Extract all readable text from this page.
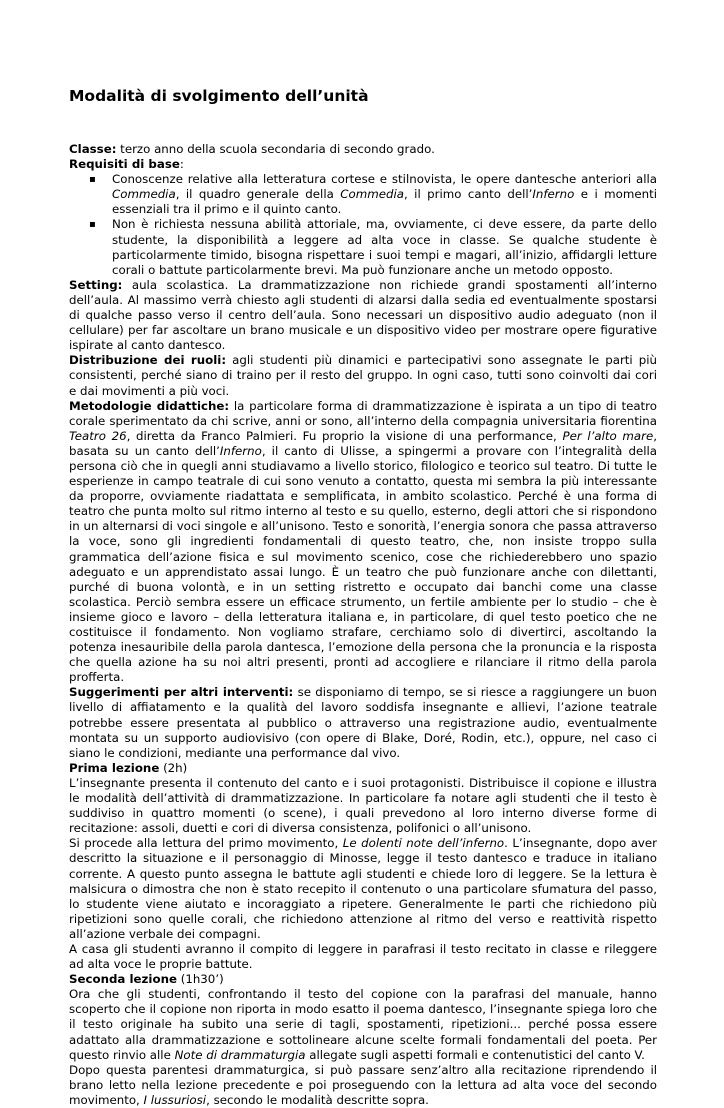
Modalità di svolgimento dell’unità

Classe: terzo anno della scuola secondaria di secondo grado.

Requisiti di base:

▪ Conoscenze relative alla letteratura cortese e stilnovista, le opere dantesche anteriori alla Commedia, il quadro generale della Commedia, il primo canto dell’Inferno e i momenti essenziali tra il primo e il quinto canto.
▪ Non è richiesta nessuna abilità attoriale, ma, ovviamente, ci deve essere, da parte dello studente, la disponibilità a leggere ad alta voce in classe. Se qualche studente è particolarmente timido, bisogna rispettare i suoi tempi e magari, all’inizio, affidargli letture corali o battute particolarmente brevi. Ma può funzionare anche un metodo opposto.

Setting: aula scolastica. La drammatizzazione non richiede grandi spostamenti all’interno dell’aula. Al massimo verrà chiesto agli studenti di alzarsi dalla sedia ed eventualmente spostarsi di qualche passo verso il centro dell’aula. Sono necessari un dispositivo audio adeguato (non il cellulare) per far ascoltare un brano musicale e un dispositivo video per mostrare opere figurative ispirate al canto dantesco.

Distribuzione dei ruoli: agli studenti più dinamici e partecipativi sono assegnate le parti più consistenti, perché siano di traino per il resto del gruppo. In ogni caso, tutti sono coinvolti dai cori e dai movimenti a più voci.

Metodologie didattiche: la particolare forma di drammatizzazione è ispirata a un tipo di teatro corale sperimentato da chi scrive, anni or sono, all’interno della compagnia universitaria fiorentina Teatro 26, diretta da Franco Palmieri. Fu proprio la visione di una performance, Per l’alto mare, basata su un canto dell’Inferno, il canto di Ulisse, a spingermi a provare con l’integralità della persona ciò che in quegli anni studiavamo a livello storico, filologico e teorico sul teatro. Di tutte le esperienze in campo teatrale di cui sono venuto a contatto, questa mi sembra la più interessante da proporre, ovviamente riadattata e semplificata, in ambito scolastico. Perché è una forma di teatro che punta molto sul ritmo interno al testo e su quello, esterno, degli attori che si rispondono in un alternarsi di voci singole e all’unisono. Testo e sonorità, l’energia sonora che passa attraverso la voce, sono gli ingredienti fondamentali di questo teatro, che, non insiste troppo sulla grammatica dell’azione fisica e sul movimento scenico, cose che richiederebbero uno spazio adeguato e un apprendistato assai lungo. È un teatro che può funzionare anche con dilettanti, purché di buona volontà, e in un setting ristretto e occupato dai banchi come una classe scolastica. Perciò sembra essere un efficace strumento, un fertile ambiente per lo studio – che è insieme gioco e lavoro – della letteratura italiana e, in particolare, di quel testo poetico che ne costituisce il fondamento. Non vogliamo strafare, cerchiamo solo di divertirci, ascoltando la potenza inesauribile della parola dantesca, l’emozione della persona che la pronuncia e la risposta che quella azione ha su noi altri presenti, pronti ad accogliere e rilanciare il ritmo della parola profferta.

Suggerimenti per altri interventi: se disponiamo di tempo, se si riesce a raggiungere un buon livello di affiatamento e la qualità del lavoro soddisfa insegnante e allievi, l’azione teatrale potrebbe essere presentata al pubblico o attraverso una registrazione audio, eventualmente montata su un supporto audiovisivo (con opere di Blake, Doré, Rodin, etc.), oppure, nel caso ci siano le condizioni, mediante una performance dal vivo.

Prima lezione (2h)

L’insegnante presenta il contenuto del canto e i suoi protagonisti. Distribuisce il copione e illustra le modalità dell’attività di drammatizzazione. In particolare fa notare agli studenti che il testo è suddiviso in quattro momenti (o scene), i quali prevedono al loro interno diverse forme di recitazione: assoli, duetti e cori di diversa consistenza, polifonici o all’unisono.

Si procede alla lettura del primo movimento, Le dolenti note dell’inferno. L’insegnante, dopo aver descritto la situazione e il personaggio di Minosse, legge il testo dantesco e traduce in italiano corrente. A questo punto assegna le battute agli studenti e chiede loro di leggere. Se la lettura è malsicura o dimostra che non è stato recepito il contenuto o una particolare sfumatura del passo, lo studente viene aiutato e incoraggiato a ripetere. Generalmente le parti che richiedono più ripetizioni sono quelle corali, che richiedono attenzione al ritmo del verso e reattività rispetto all’azione verbale dei compagni.

A casa gli studenti avranno il compito di leggere in parafrasi il testo recitato in classe e rileggere ad alta voce le proprie battute.

Seconda lezione (1h30’)

Ora che gli studenti, confrontando il testo del copione con la parafrasi del manuale, hanno scoperto che il copione non riporta in modo esatto il poema dantesco, l’insegnante spiega loro che il testo originale ha subito una serie di tagli, spostamenti, ripetizioni... perché possa essere adattato alla drammatizzazione e sottolineare alcune scelte formali fondamentali del poeta. Per questo rinvio alle Note di drammaturgia allegate sugli aspetti formali e contenutistici del canto V.

Dopo questa parentesi drammaturgica, si può passare senz’altro alla recitazione riprendendo il brano letto nella lezione precedente e poi proseguendo con la lettura ad alta voce del secondo movimento, I lussuriosi, secondo le modalità descritte sopra.
